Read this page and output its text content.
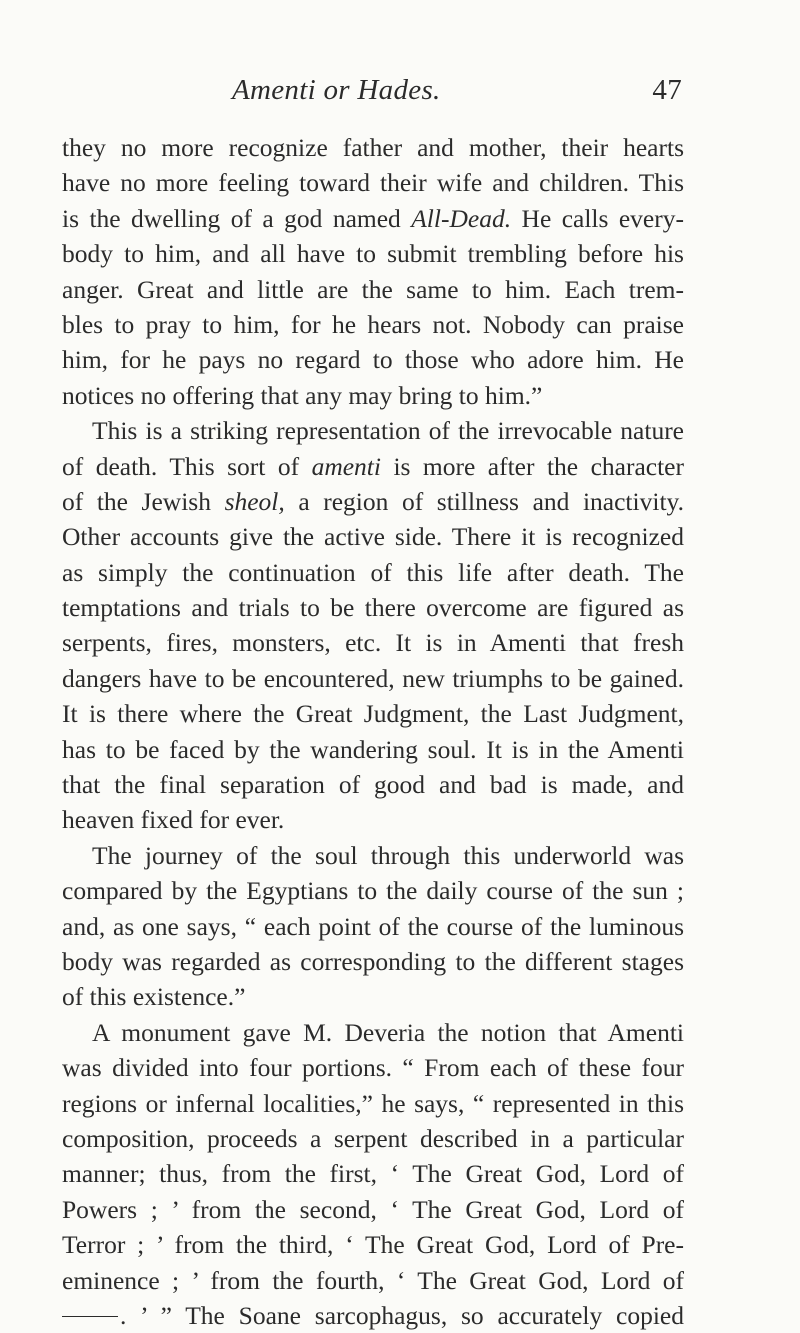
Amenti or Hades.	47
they no more recognize father and mother, their hearts
have no more feeling toward their wife and children. This
is the dwelling of a god named All-Dead. He calls every-
body to him, and all have to submit trembling before his
anger. Great and little are the same to him. Each trem-
bles to pray to him, for he hears not. Nobody can praise
him, for he pays no regard to those who adore him. He
notices no offering that any may bring to him.”
This is a striking representation of the irrevocable nature
of death. This sort of amenti is more after the character
of the Jewish sheol, a region of stillness and inactivity.
Other accounts give the active side. There it is recognized
as simply the continuation of this life after death. The
temptations and trials to be there overcome are figured as
serpents, fires, monsters, etc. It is in Amenti that fresh
dangers have to be encountered, new triumphs to be gained.
It is there where the Great Judgment, the Last Judgment,
has to be faced by the wandering soul. It is in the Amenti
that the final separation of good and bad is made, and
heaven fixed for ever.
The journey of the soul through this underworld was
compared by the Egyptians to the daily course of the sun ;
and, as one says, “ each point of the course of the luminous
body was regarded as corresponding to the different stages
of this existence.”
A monument gave M. Deveria the notion that Amenti
was divided into four portions. “ From each of these four
regions or infernal localities,” he says, “ represented in this
composition, proceeds a serpent described in a particular
manner; thus, from the first, ‘ The Great God, Lord of
Powers ; ’ from the second, ‘ The Great God, Lord of
Terror ; ’ from the third, ‘ The Great God, Lord of Pre-
eminence ; ’ from the fourth, ‘ The Great God, Lord of
. ’ ” The Soane sarcophagus, so accurately copied
